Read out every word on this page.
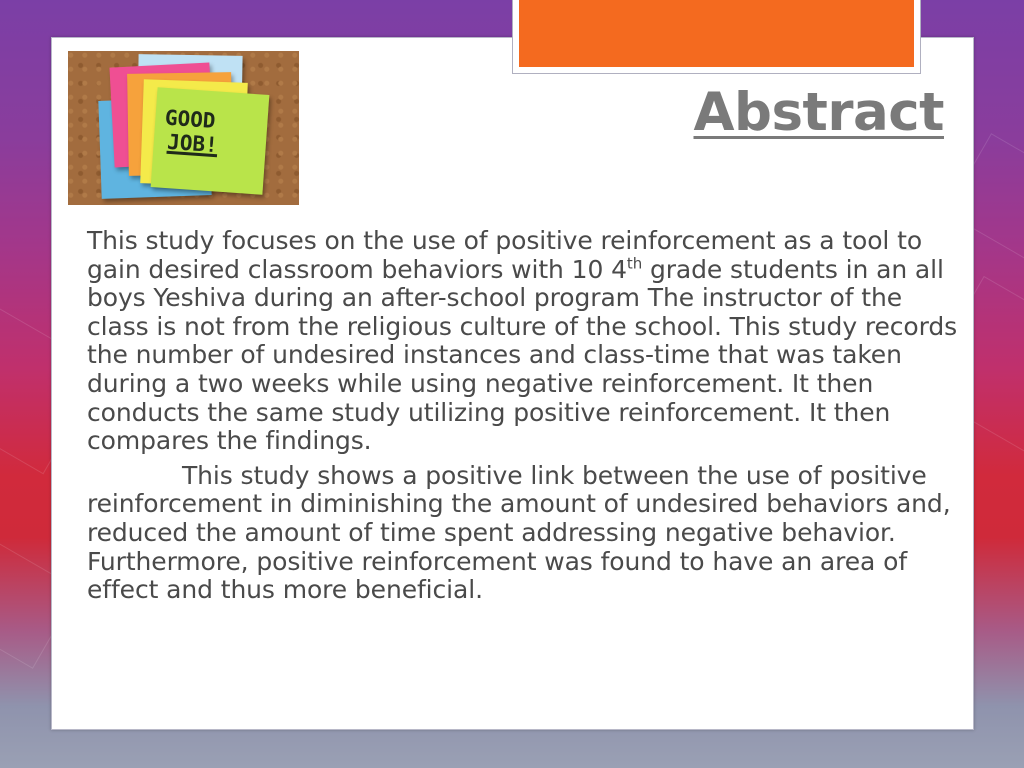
GOOD
JOB!
Abstract

This study focuses on the use of positive reinforcement as a tool to gain desired classroom behaviors with 10 4th grade students in an all boys Yeshiva during an after-school program The instructor of the class is not from the religious culture of the school. This study records the number of undesired instances and class-time that was taken during a two weeks while using negative reinforcement. It then conducts the same study utilizing positive reinforcement. It then compares the findings.

This study shows a positive link between the use of positive reinforcement in diminishing the amount of undesired behaviors and, reduced the amount of time spent addressing negative behavior. Furthermore, positive reinforcement was found to have an area of effect and thus more beneficial.
